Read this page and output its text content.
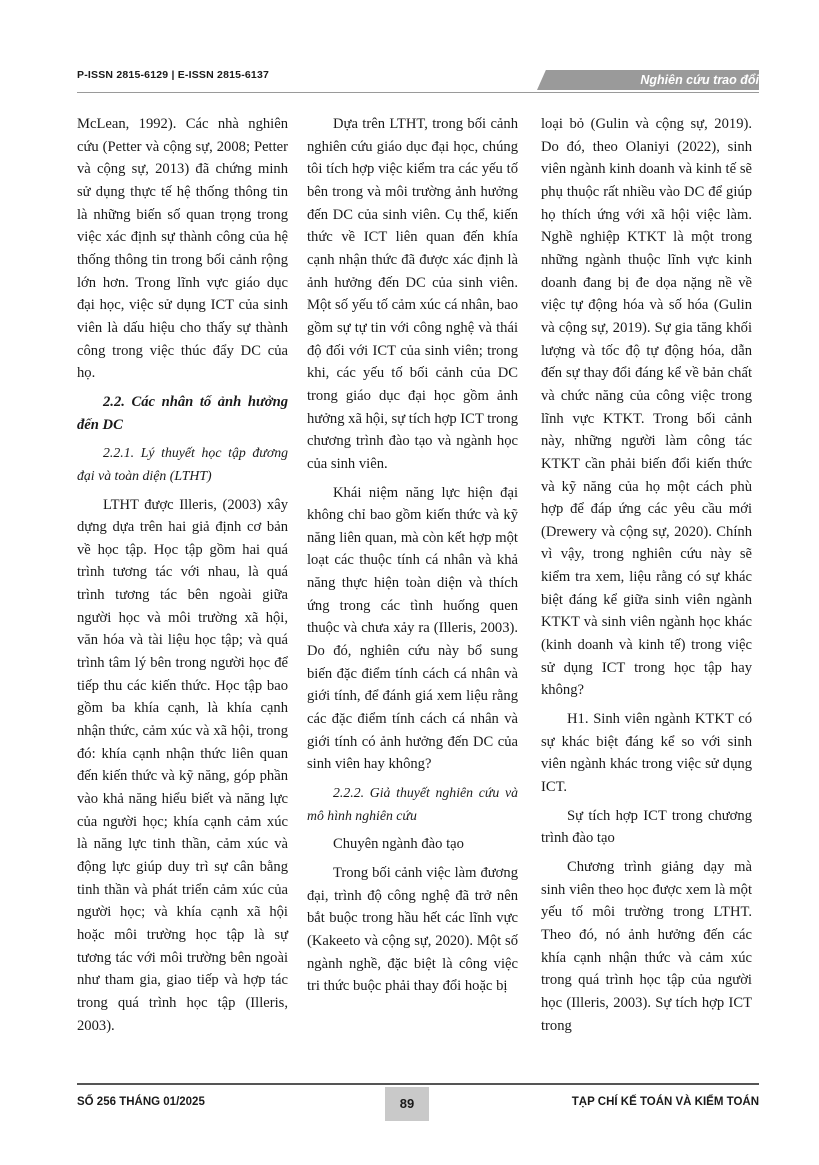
P-ISSN 2815-6129 | E-ISSN 2815-6137	Nghiên cứu trao đổi

McLean, 1992). Các nhà nghiên cứu (Petter và cộng sự, 2008; Petter và cộng sự, 2013) đã chứng minh sử dụng thực tế hệ thống thông tin là những biến số quan trọng trong việc xác định sự thành công của hệ thống thông tin trong bối cảnh rộng lớn hơn. Trong lĩnh vực giáo dục đại học, việc sử dụng ICT của sinh viên là dấu hiệu cho thấy sự thành công trong việc thúc đẩy DC của họ.

2.2. Các nhân tố ảnh hưởng đến DC

2.2.1. Lý thuyết học tập đương đại và toàn diện (LTHT)

LTHT được Illeris, (2003) xây dựng dựa trên hai giả định cơ bản về học tập. Học tập gồm hai quá trình tương tác với nhau, là quá trình tương tác bên ngoài giữa người học và môi trường xã hội, văn hóa và tài liệu học tập; và quá trình tâm lý bên trong người học để tiếp thu các kiến thức. Học tập bao gồm ba khía cạnh, là khía cạnh nhận thức, cảm xúc và xã hội, trong đó: khía cạnh nhận thức liên quan đến kiến thức và kỹ năng, góp phần vào khả năng hiểu biết và năng lực của người học; khía cạnh cảm xúc là năng lực tinh thần, cảm xúc và động lực giúp duy trì sự cân bằng tinh thần và phát triển cảm xúc của người học; và khía cạnh xã hội hoặc môi trường học tập là sự tương tác với môi trường bên ngoài như tham gia, giao tiếp và hợp tác trong quá trình học tập (Illeris, 2003).

Dựa trên LTHT, trong bối cảnh nghiên cứu giáo dục đại học, chúng tôi tích hợp việc kiểm tra các yếu tố bên trong và môi trường ảnh hưởng đến DC của sinh viên. Cụ thể, kiến thức về ICT liên quan đến khía cạnh nhận thức đã được xác định là ảnh hưởng đến DC của sinh viên. Một số yếu tố cảm xúc cá nhân, bao gồm sự tự tin với công nghệ và thái độ đối với ICT của sinh viên; trong khi, các yếu tố bối cảnh của DC trong giáo dục đại học gồm ảnh hưởng xã hội, sự tích hợp ICT trong chương trình đào tạo và ngành học của sinh viên.

Khái niệm năng lực hiện đại không chỉ bao gồm kiến thức và kỹ năng liên quan, mà còn kết hợp một loạt các thuộc tính cá nhân và khả năng thực hiện toàn diện và thích ứng trong các tình huống quen thuộc và chưa xảy ra (Illeris, 2003). Do đó, nghiên cứu này bổ sung biến đặc điểm tính cách cá nhân và giới tính, để đánh giá xem liệu rằng các đặc điểm tính cách cá nhân và giới tính có ảnh hưởng đến DC của sinh viên hay không?

2.2.2. Giả thuyết nghiên cứu và mô hình nghiên cứu

Chuyên ngành đào tạo

Trong bối cảnh việc làm đương đại, trình độ công nghệ đã trở nên bắt buộc trong hầu hết các lĩnh vực (Kakeeto và cộng sự, 2020). Một số ngành nghề, đặc biệt là công việc tri thức buộc phải thay đổi hoặc bị

loại bỏ (Gulin và cộng sự, 2019). Do đó, theo Olaniyi (2022), sinh viên ngành kinh doanh và kinh tế sẽ phụ thuộc rất nhiều vào DC để giúp họ thích ứng với xã hội việc làm. Nghề nghiệp KTKT là một trong những ngành thuộc lĩnh vực kinh doanh đang bị đe dọa nặng nề về việc tự động hóa và số hóa (Gulin và cộng sự, 2019). Sự gia tăng khối lượng và tốc độ tự động hóa, dẫn đến sự thay đổi đáng kể về bản chất và chức năng của công việc trong lĩnh vực KTKT. Trong bối cảnh này, những người làm công tác KTKT cần phải biến đổi kiến thức và kỹ năng của họ một cách phù hợp để đáp ứng các yêu cầu mới (Drewery và cộng sự, 2020). Chính vì vậy, trong nghiên cứu này sẽ kiểm tra xem, liệu rằng có sự khác biệt đáng kể giữa sinh viên ngành KTKT và sinh viên ngành học khác (kinh doanh và kinh tế) trong việc sử dụng ICT trong học tập hay không?

H1. Sinh viên ngành KTKT có sự khác biệt đáng kể so với sinh viên ngành khác trong việc sử dụng ICT.

Sự tích hợp ICT trong chương trình đào tạo

Chương trình giảng dạy mà sinh viên theo học được xem là một yếu tố môi trường trong LTHT. Theo đó, nó ảnh hưởng đến các khía cạnh nhận thức và cảm xúc trong quá trình học tập của người học (Illeris, 2003). Sự tích hợp ICT trong

SỐ 256 THÁNG 01/2025	89	TẠP CHÍ KẾ TOÁN VÀ KIỂM TOÁN
